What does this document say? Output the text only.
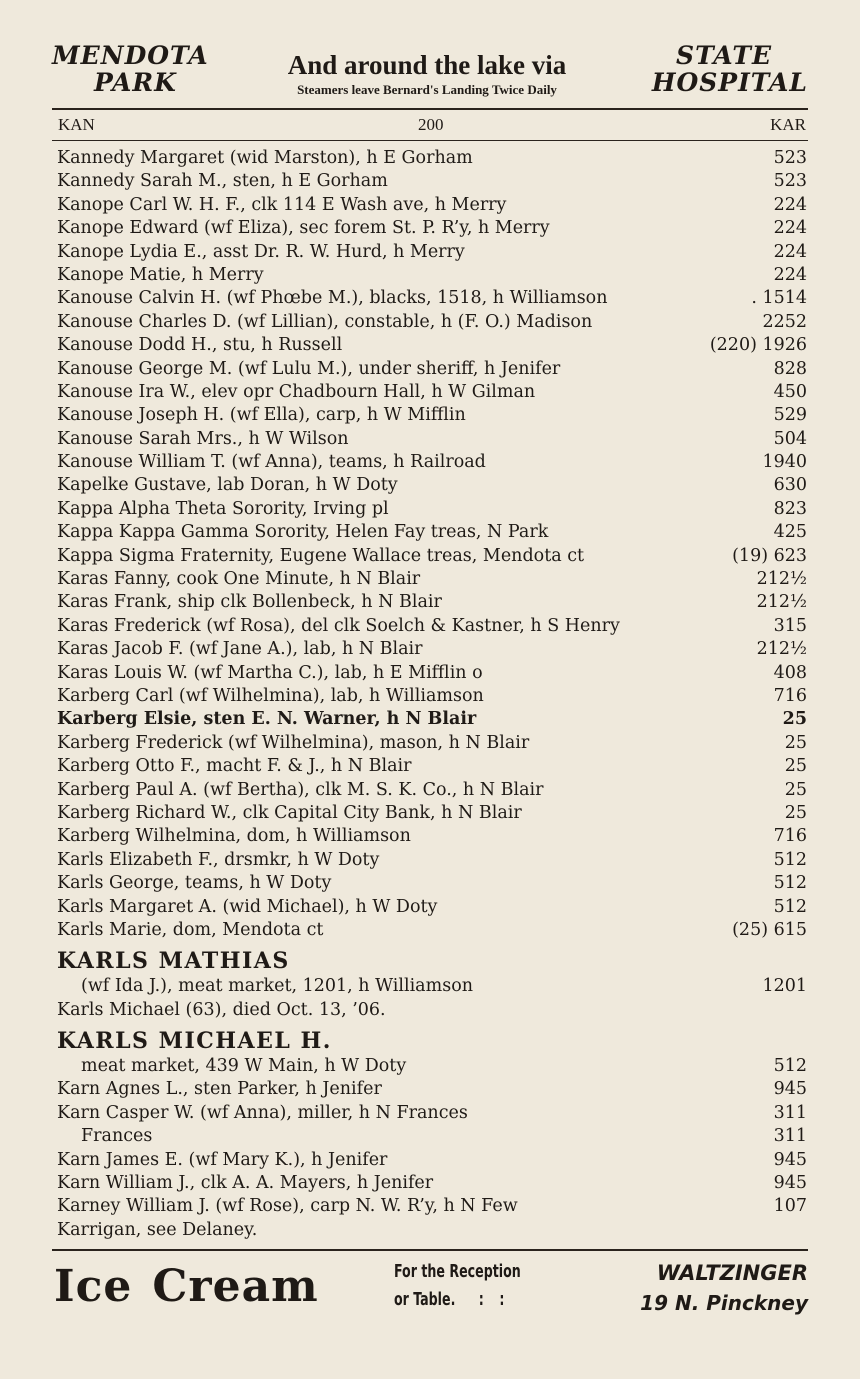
MENDOTA
PARK
And around the lake via
Steamers leave Bernard's Landing Twice Daily
STATE
HOSPITAL
KAN	200	KAR
Kannedy Margaret (wid Marston), h E Gorham	523
Kannedy Sarah M., sten, h E Gorham	523
Kanope Carl W. H. F., clk 114 E Wash ave, h Merry	224
Kanope Edward (wf Eliza), sec forem St. P. R’y, h Merry	224
Kanope Lydia E., asst Dr. R. W. Hurd, h Merry	224
Kanope Matie, h Merry	224
Kanouse Calvin H. (wf Phœbe M.), blacks, 1518, h Williamson	. 1514
Kanouse Charles D. (wf Lillian), constable, h (F. O.) Madison	2252
Kanouse Dodd H., stu, h Russell	(220) 1926
Kanouse George M. (wf Lulu M.), under sheriff, h Jenifer	828
Kanouse Ira W., elev opr Chadbourn Hall, h W Gilman	450
Kanouse Joseph H. (wf Ella), carp, h W Mifflin	529
Kanouse Sarah Mrs., h W Wilson	504
Kanouse William T. (wf Anna), teams, h Railroad	1940
Kapelke Gustave, lab Doran, h W Doty	630
Kappa Alpha Theta Sorority, Irving pl	823
Kappa Kappa Gamma Sorority, Helen Fay treas, N Park	425
Kappa Sigma Fraternity, Eugene Wallace treas, Mendota ct	(19) 623
Karas Fanny, cook One Minute, h N Blair	212½
Karas Frank, ship clk Bollenbeck, h N Blair	212½
Karas Frederick (wf Rosa), del clk Soelch & Kastner, h S Henry	315
Karas Jacob F. (wf Jane A.), lab, h N Blair	212½
Karas Louis W. (wf Martha C.), lab, h E Mifflin o	408
Karberg Carl (wf Wilhelmina), lab, h Williamson	716
Karberg Elsie, sten E. N. Warner, h N Blair	25
Karberg Frederick (wf Wilhelmina), mason, h N Blair	25
Karberg Otto F., macht F. & J., h N Blair	25
Karberg Paul A. (wf Bertha), clk M. S. K. Co., h N Blair	25
Karberg Richard W., clk Capital City Bank, h N Blair	25
Karberg Wilhelmina, dom, h Williamson	716
Karls Elizabeth F., drsmkr, h W Doty	512
Karls George, teams, h W Doty	512
Karls Margaret A. (wid Michael), h W Doty	512
Karls Marie, dom, Mendota ct	(25) 615
KARLS MATHIAS
(wf Ida J.), meat market, 1201, h Williamson	1201
Karls Michael (63), died Oct. 13, ’06.
KARLS MICHAEL H.
meat market, 439 W Main, h W Doty	512
Karn Agnes L., sten Parker, h Jenifer	945
Karn Casper W. (wf Anna), miller, h N Frances	311
Frances	311
Karn James E. (wf Mary K.), h Jenifer	945
Karn William J., clk A. A. Mayers, h Jenifer	945
Karney William J. (wf Rose), carp N. W. R’y, h N Few	107
Karrigan, see Delaney.
Ice Cream	For the Reception
or Table. ::
WALTZINGER
19 N. Pinckney
